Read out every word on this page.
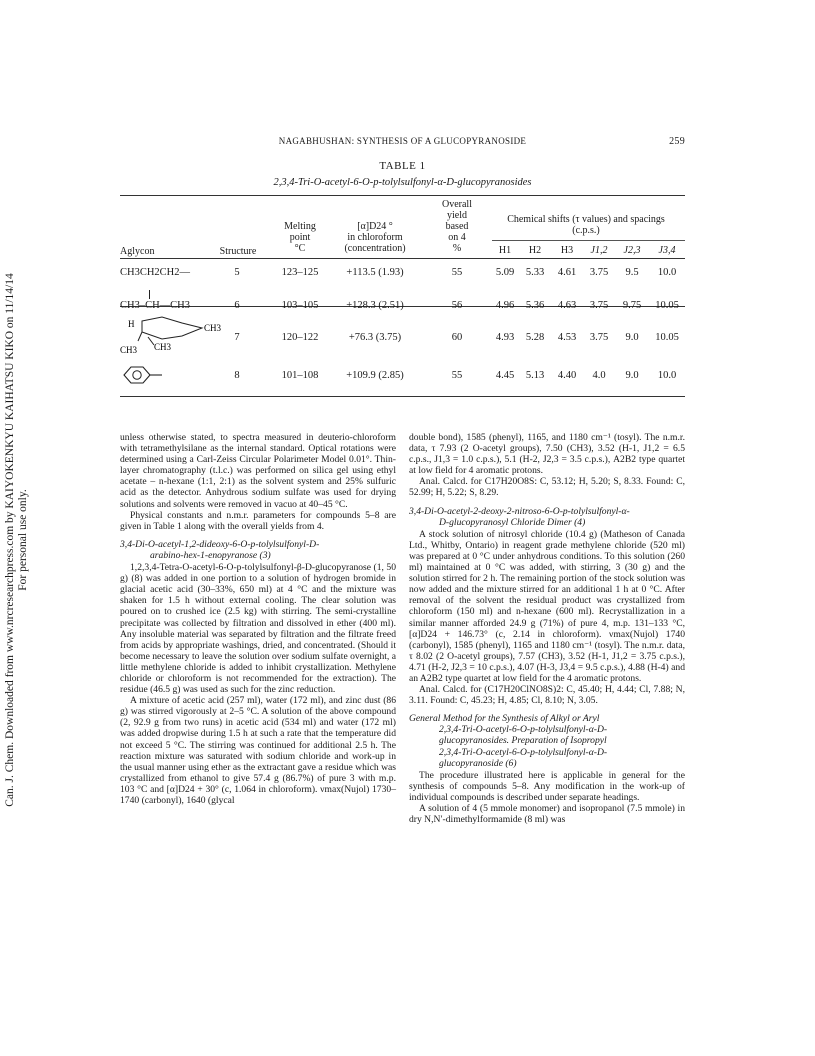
Can. J. Chem. Downloaded from www.nrcresearchpress.com by KAIYOKENKYU KAIHATSU KIKO on 11/14/14 For personal use only.
NAGABHUSHAN: SYNTHESIS OF A GLUCOPYRANOSIDE	259
TABLE 1
2,3,4-Tri-O-acetyl-6-O-p-tolylsulfonyl-α-D-glucopyranosides
Aglycon	Structure
Melting
point
°C
[α]D24 °
in chloroform
(concentration)
Overall
yield
based
on 4
%
Chemical shifts (τ values) and spacings
(c.p.s.)
H1	H2	H3	J1,2	J2,3	J3,4
CH3CH2CH2—	5	123–125	+113.5 (1.93)	55	5.09	5.33	4.61	3.75	9.5	10.0
CH3–CH—CH3	6	103–105	+128.3 (2.51)	56	4.96	5.36	4.63	3.75	9.75	10.05
H	CH3
CH3 CH3
7	120–122	+76.3 (3.75)	60	4.93	5.28	4.53	3.75	9.0	10.05
8	101–108	+109.9 (2.85)	55	4.45	5.13	4.40	4.0	9.0	10.0

unless otherwise stated, to spectra measured in deuterio-chloroform with tetramethylsilane as the internal standard. Optical rotations were determined using a Carl-Zeiss Circular Polarimeter Model 0.01°. Thin-layer chromatography (t.l.c.) was performed on silica gel using ethyl acetate – n-hexane (1:1, 2:1) as the solvent system and 25% sulfuric acid as the detector. Anhydrous sodium sulfate was used for drying solutions and solvents were removed in vacuo at 40–45 °C.

Physical constants and n.m.r. parameters for compounds 5–8 are given in Table 1 along with the overall yields from 4.

3,4-Di-O-acetyl-1,2-dideoxy-6-O-p-tolylsulfonyl-D-
arabino-hex-1-enopyranose (3)

1,2,3,4-Tetra-O-acetyl-6-O-p-tolylsulfonyl-β-D-glucopyranose (1, 50 g) (8) was added in one portion to a solution of hydrogen bromide in glacial acetic acid (30–33%, 650 ml) at 4 °C and the mixture was shaken for 1.5 h without external cooling. The clear solution was poured on to crushed ice (2.5 kg) with stirring. The semi-crystalline precipitate was collected by filtration and dissolved in ether (400 ml). Any insoluble material was separated by filtration and the filtrate freed from acids by appropriate washings, dried, and concentrated. (Should it become necessary to leave the solution over sodium sulfate overnight, a little methylene chloride is added to inhibit crystallization. Methylene chloride or chloroform is not recommended for the extraction). The residue (46.5 g) was used as such for the zinc reduction.

A mixture of acetic acid (257 ml), water (172 ml), and zinc dust (86 g) was stirred vigorously at 2–5 °C. A solution of the above compound (2, 92.9 g from two runs) in acetic acid (534 ml) and water (172 ml) was added dropwise during 1.5 h at such a rate that the temperature did not exceed 5 °C. The stirring was continued for additional 2.5 h. The reaction mixture was saturated with sodium chloride and work-up in the usual manner using ether as the extractant gave a residue which was crystallized from ethanol to give 57.4 g (86.7%) of pure 3 with m.p. 103 °C and [α]D24 + 30° (c, 1.064 in chloroform). νmax(Nujol) 1730–1740 (carbonyl), 1640 (glycal

double bond), 1585 (phenyl), 1165, and 1180 cm⁻¹ (tosyl). The n.m.r. data, τ 7.93 (2 O-acetyl groups), 7.50 (CH3), 3.52 (H-1, J1,2 = 6.5 c.p.s., J1,3 = 1.0 c.p.s.), 5.1 (H-2, J2,3 = 3.5 c.p.s.), A2B2 type quartet at low field for 4 aromatic protons.

Anal. Calcd. for C17H20O8S: C, 53.12; H, 5.20; S, 8.33. Found: C, 52.99; H, 5.22; S, 8.29.

3,4-Di-O-acetyl-2-deoxy-2-nitroso-6-O-p-tolylsulfonyl-α-
D-glucopyranosyl Chloride Dimer (4)

A stock solution of nitrosyl chloride (10.4 g) (Matheson of Canada Ltd., Whitby, Ontario) in reagent grade methylene chloride (520 ml) was prepared at 0 °C under anhydrous conditions. To this solution (260 ml) maintained at 0 °C was added, with stirring, 3 (30 g) and the solution stirred for 2 h. The remaining portion of the stock solution was now added and the mixture stirred for an additional 1 h at 0 °C. After removal of the solvent the residual product was crystallized from chloroform (150 ml) and n-hexane (600 ml). Recrystallization in a similar manner afforded 24.9 g (71%) of pure 4, m.p. 131–133 °C, [α]D24 + 146.73° (c, 2.14 in chloroform). νmax(Nujol) 1740 (carbonyl), 1585 (phenyl), 1165 and 1180 cm⁻¹ (tosyl). The n.m.r. data, τ 8.02 (2 O-acetyl groups), 7.57 (CH3), 3.52 (H-1, J1,2 = 3.75 c.p.s.), 4.71 (H-2, J2,3 = 10 c.p.s.), 4.07 (H-3, J3,4 = 9.5 c.p.s.), 4.88 (H-4) and an A2B2 type quartet at low field for the 4 aromatic protons.

Anal. Calcd. for (C17H20ClNO8S)2: C, 45.40; H, 4.44; Cl, 7.88; N, 3.11. Found: C, 45.23; H, 4.85; Cl, 8.10; N, 3.05.

General Method for the Synthesis of Alkyl or Aryl
2,3,4-Tri-O-acetyl-6-O-p-tolylsulfonyl-α-D-
glucopyranosides. Preparation of Isopropyl
2,3,4-Tri-O-acetyl-6-O-p-tolylsulfonyl-α-D-
glucopyranoside (6)

The procedure illustrated here is applicable in general for the synthesis of compounds 5–8. Any modification in the work-up of individual compounds is described under separate headings.

A solution of 4 (5 mmole monomer) and isopropanol (7.5 mmole) in dry N,N′-dimethylformamide (8 ml) was
